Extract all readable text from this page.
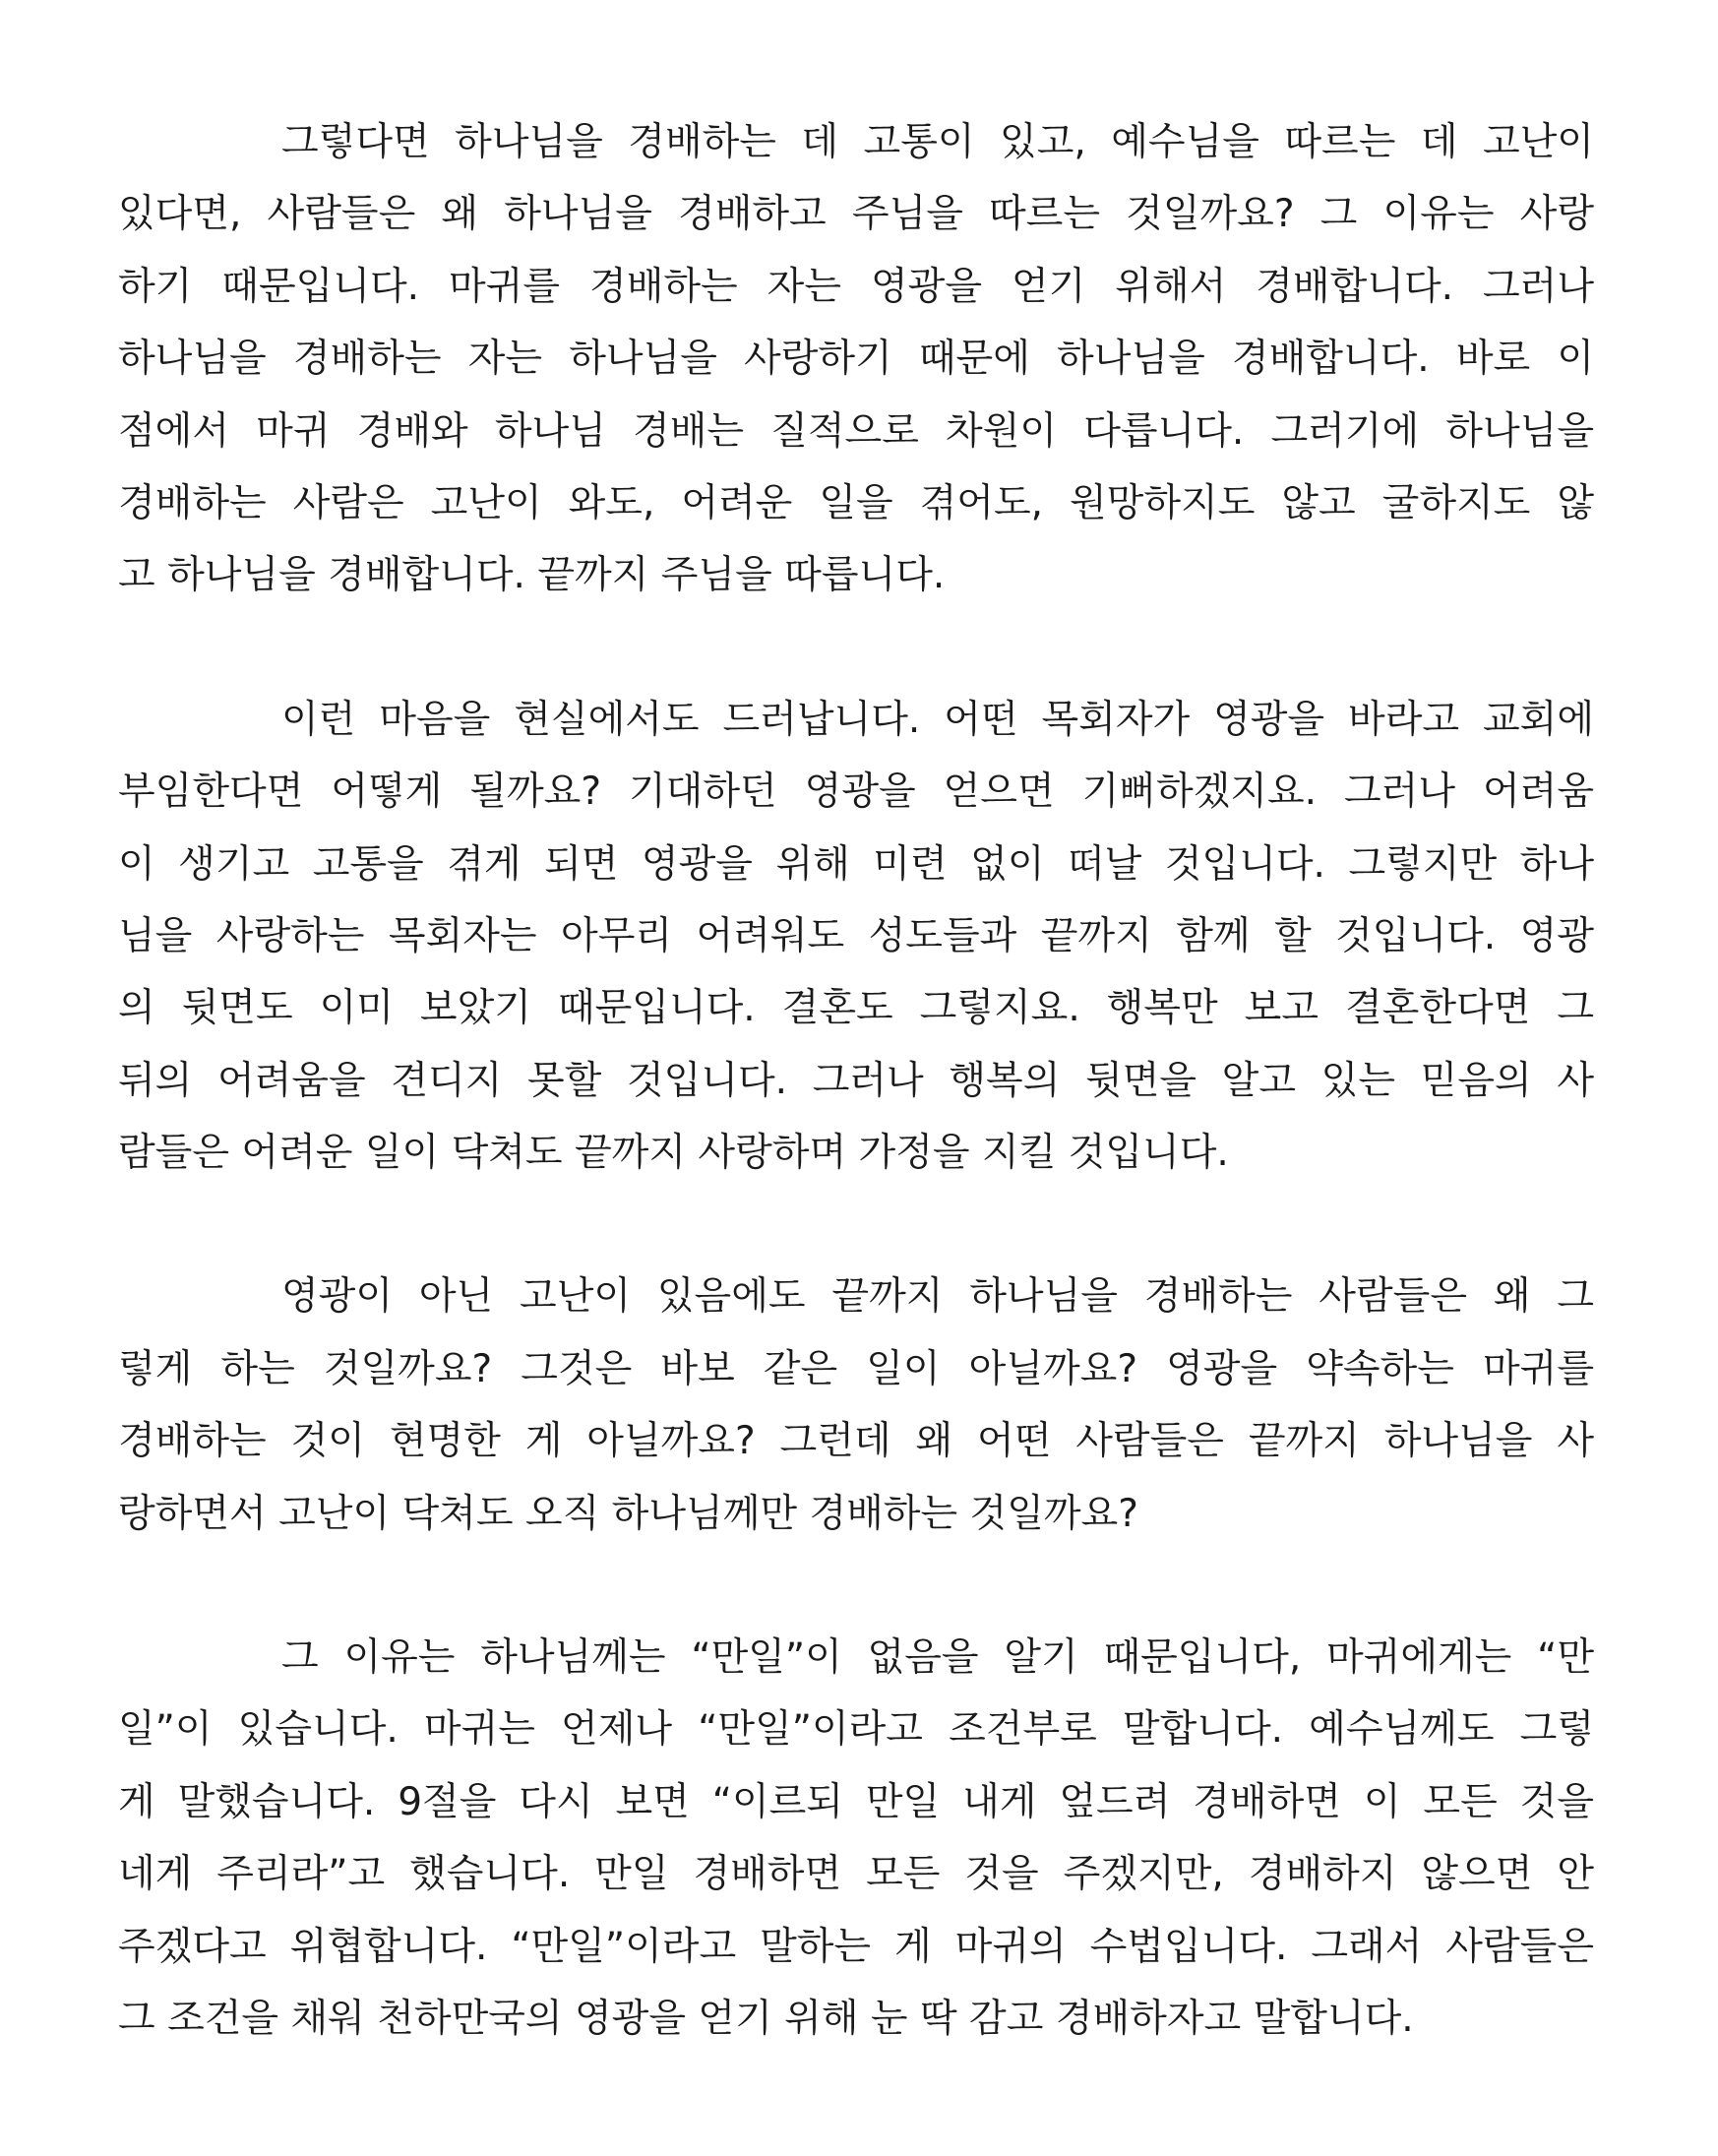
그렇다면 하나님을 경배하는 데 고통이 있고, 예수님을 따르는 데 고난이
있다면, 사람들은 왜 하나님을 경배하고 주님을 따르는 것일까요? 그 이유는 사랑
하기 때문입니다. 마귀를 경배하는 자는 영광을 얻기 위해서 경배합니다. 그러나
하나님을 경배하는 자는 하나님을 사랑하기 때문에 하나님을 경배합니다. 바로 이
점에서 마귀 경배와 하나님 경배는 질적으로 차원이 다릅니다. 그러기에 하나님을
경배하는 사람은 고난이 와도, 어려운 일을 겪어도, 원망하지도 않고 굴하지도 않
고 하나님을 경배합니다. 끝까지 주님을 따릅니다.

이런 마음을 현실에서도 드러납니다. 어떤 목회자가 영광을 바라고 교회에
부임한다면 어떻게 될까요? 기대하던 영광을 얻으면 기뻐하겠지요. 그러나 어려움
이 생기고 고통을 겪게 되면 영광을 위해 미련 없이 떠날 것입니다. 그렇지만 하나
님을 사랑하는 목회자는 아무리 어려워도 성도들과 끝까지 함께 할 것입니다. 영광
의 뒷면도 이미 보았기 때문입니다. 결혼도 그렇지요. 행복만 보고 결혼한다면 그
뒤의 어려움을 견디지 못할 것입니다. 그러나 행복의 뒷면을 알고 있는 믿음의 사
람들은 어려운 일이 닥쳐도 끝까지 사랑하며 가정을 지킬 것입니다.

영광이 아닌 고난이 있음에도 끝까지 하나님을 경배하는 사람들은 왜 그
렇게 하는 것일까요? 그것은 바보 같은 일이 아닐까요? 영광을 약속하는 마귀를
경배하는 것이 현명한 게 아닐까요? 그런데 왜 어떤 사람들은 끝까지 하나님을 사
랑하면서 고난이 닥쳐도 오직 하나님께만 경배하는 것일까요?

그 이유는 하나님께는 “만일”이 없음을 알기 때문입니다, 마귀에게는 “만
일”이 있습니다. 마귀는 언제나 “만일”이라고 조건부로 말합니다. 예수님께도 그렇
게 말했습니다. 9절을 다시 보면 “이르되 만일 내게 엎드려 경배하면 이 모든 것을
네게 주리라”고 했습니다. 만일 경배하면 모든 것을 주겠지만, 경배하지 않으면 안
주겠다고 위협합니다. “만일”이라고 말하는 게 마귀의 수법입니다. 그래서 사람들은
그 조건을 채워 천하만국의 영광을 얻기 위해 눈 딱 감고 경배하자고 말합니다.
